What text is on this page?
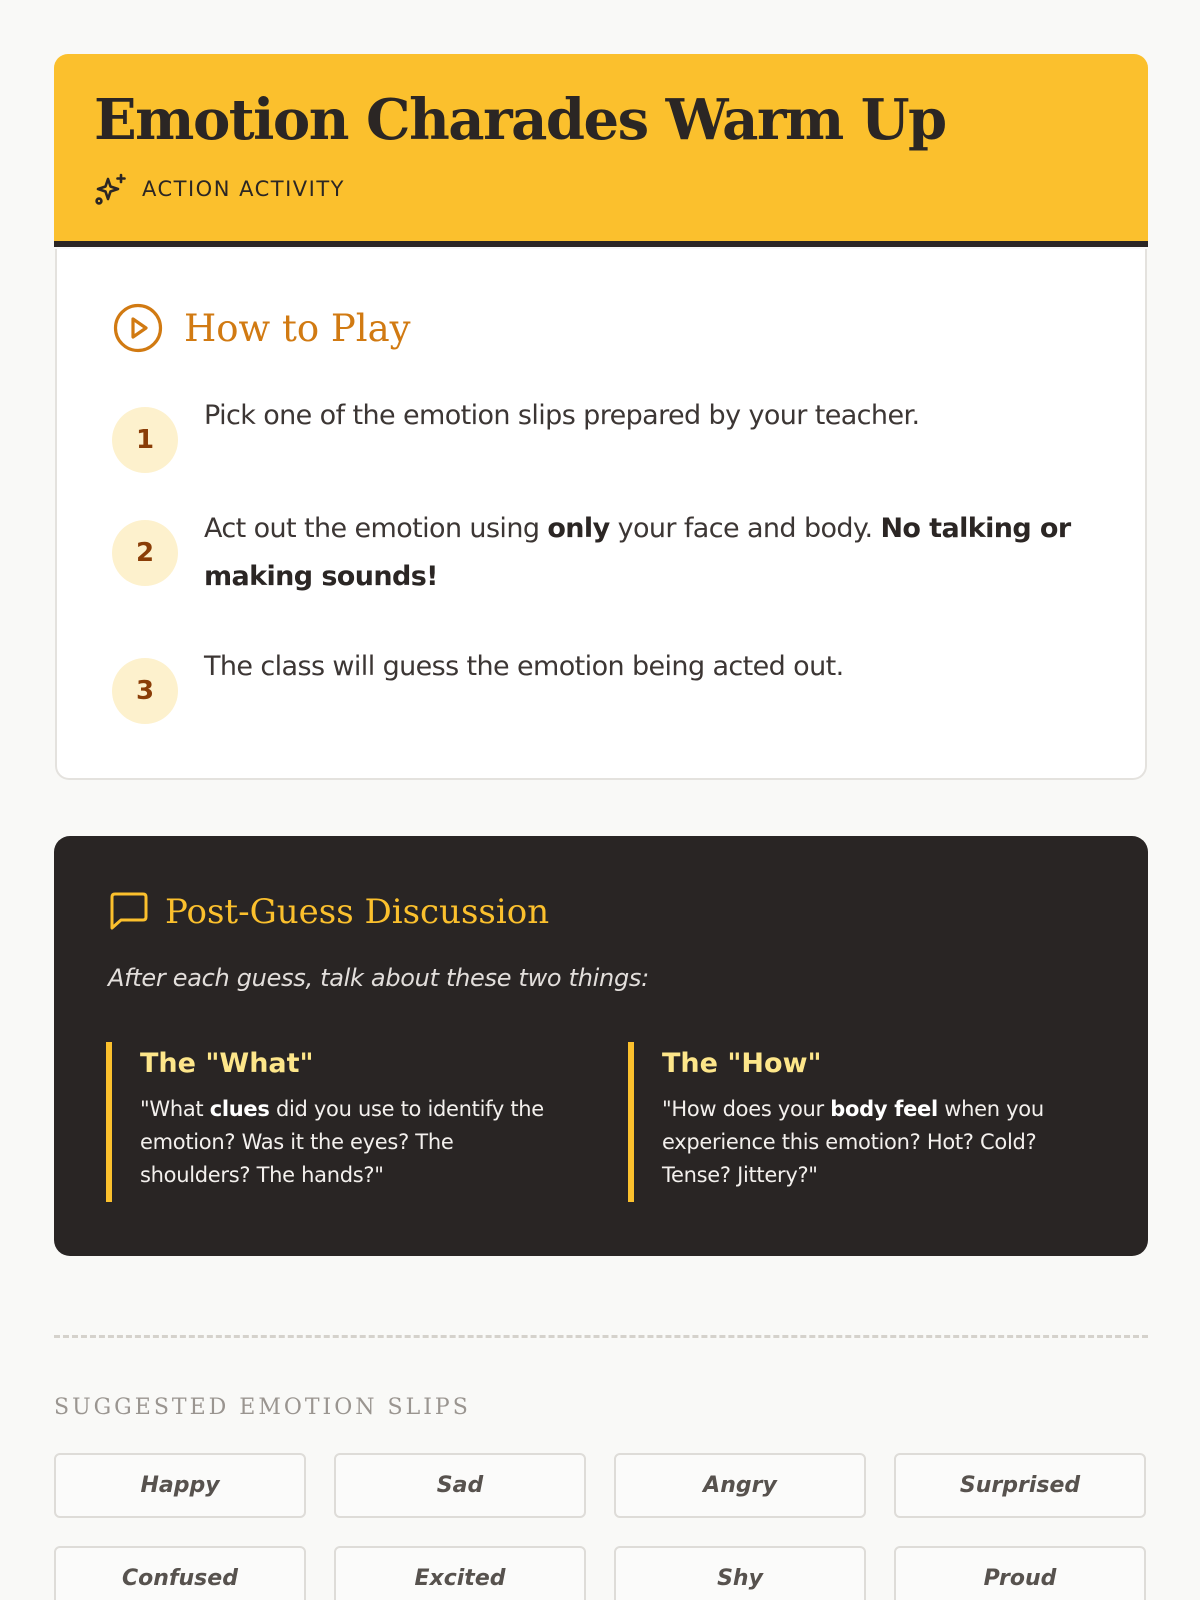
Emotion Charades Warm Up
ACTION ACTIVITY
How to Play
1
Pick one of the emotion slips prepared by your teacher.
2
Act out the emotion using only your face and body. No talking or making sounds!
3
The class will guess the emotion being acted out.
Post-Guess Discussion
After each guess, talk about these two things:
The "What"
"What clues did you use to identify the emotion? Was it the eyes? The shoulders? The hands?"
The "How"
"How does your body feel when you experience this emotion? Hot? Cold? Tense? Jittery?"
SUGGESTED EMOTION SLIPS
Happy	Sad	Angry	Surprised
Confused	Excited	Shy	Proud
